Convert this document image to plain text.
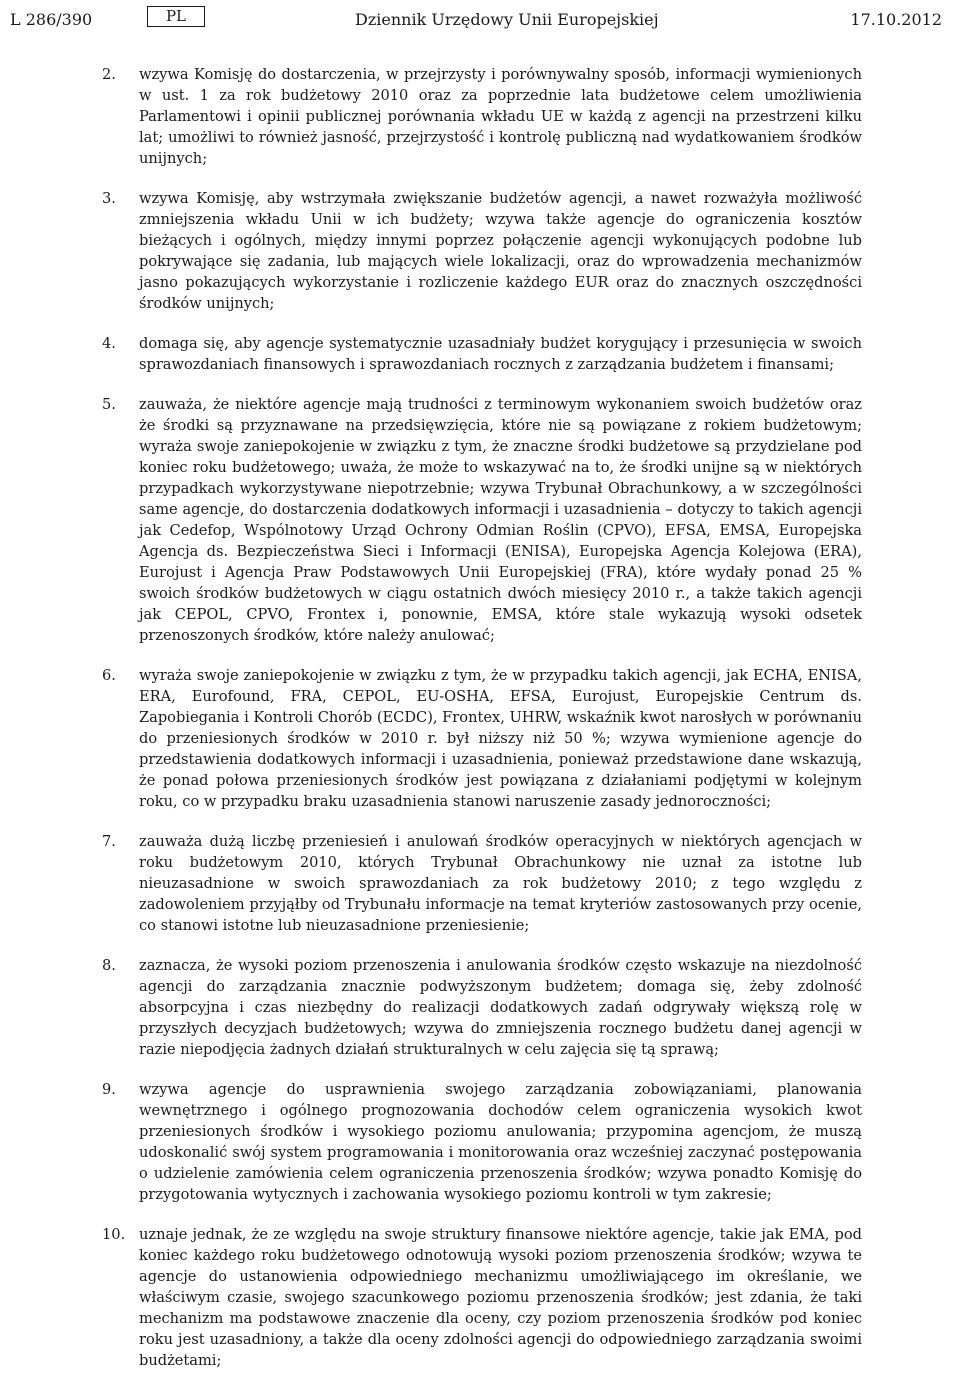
L 286/390	PL	Dziennik Urzędowy Unii Europejskiej	17.10.2012
2.	wzywa Komisję do dostarczenia, w przejrzysty i porównywalny sposób, informacji wymienionych w ust. 1 za rok budżetowy 2010 oraz za poprzednie lata budżetowe celem umożliwienia Parlamentowi i opinii publicznej porównania wkładu UE w każdą z agencji na przestrzeni kilku lat; umożliwi to również jasność, przejrzystość i kontrolę publiczną nad wydatkowaniem środków unijnych;
3.	wzywa Komisję, aby wstrzymała zwiększanie budżetów agencji, a nawet rozważyła możliwość zmniejszenia wkładu Unii w ich budżety; wzywa także agencje do ograniczenia kosztów bieżących i ogólnych, między innymi poprzez połączenie agencji wykonujących podobne lub pokrywające się zadania, lub mających wiele lokalizacji, oraz do wprowadzenia mechanizmów jasno pokazujących wykorzystanie i rozliczenie każdego EUR oraz do znacznych oszczędności środków unijnych;
4.	domaga się, aby agencje systematycznie uzasadniały budżet korygujący i przesunięcia w swoich sprawozdaniach finansowych i sprawozdaniach rocznych z zarządzania budżetem i finansami;
5.	zauważa, że niektóre agencje mają trudności z terminowym wykonaniem swoich budżetów oraz że środki są przyznawane na przedsięwzięcia, które nie są powiązane z rokiem budżetowym; wyraża swoje zaniepokojenie w związku z tym, że znaczne środki budżetowe są przydzielane pod koniec roku budżetowego; uważa, że może to wskazywać na to, że środki unijne są w niektórych przypadkach wykorzystywane niepotrzebnie; wzywa Trybunał Obrachunkowy, a w szczególności same agencje, do dostarczenia dodatkowych informacji i uzasadnienia – dotyczy to takich agencji jak Cedefop, Wspólnotowy Urząd Ochrony Odmian Roślin (CPVO), EFSA, EMSA, Europejska Agencja ds. Bezpieczeństwa Sieci i Informacji (ENISA), Europejska Agencja Kolejowa (ERA), Eurojust i Agencja Praw Podstawowych Unii Europejskiej (FRA), które wydały ponad 25 % swoich środków budżetowych w ciągu ostatnich dwóch miesięcy 2010 r., a także takich agencji jak CEPOL, CPVO, Frontex i, ponownie, EMSA, które stale wykazują wysoki odsetek przenoszonych środków, które należy anulować;
6.	wyraża swoje zaniepokojenie w związku z tym, że w przypadku takich agencji, jak ECHA, ENISA, ERA, Eurofound, FRA, CEPOL, EU-OSHA, EFSA, Eurojust, Europejskie Centrum ds. Zapobiegania i Kontroli Chorób (ECDC), Frontex, UHRW, wskaźnik kwot narosłych w porównaniu do przeniesionych środków w 2010 r. był niższy niż 50 %; wzywa wymienione agencje do przedstawienia dodatkowych informacji i uzasadnienia, ponieważ przedstawione dane wskazują, że ponad połowa przeniesionych środków jest powiązana z działaniami podjętymi w kolejnym roku, co w przypadku braku uzasadnienia stanowi naruszenie zasady jednoroczności;
7.	zauważa dużą liczbę przeniesień i anulowań środków operacyjnych w niektórych agencjach w roku budżetowym 2010, których Trybunał Obrachunkowy nie uznał za istotne lub nieuzasadnione w swoich sprawozdaniach za rok budżetowy 2010; z tego względu z zadowoleniem przyjąłby od Trybunału informacje na temat kryteriów zastosowanych przy ocenie, co stanowi istotne lub nieuzasadnione przeniesienie;
8.	zaznacza, że wysoki poziom przenoszenia i anulowania środków często wskazuje na niezdolność agencji do zarządzania znacznie podwyższonym budżetem; domaga się, żeby zdolność absorpcyjna i czas niezbędny do realizacji dodatkowych zadań odgrywały większą rolę w przyszłych decyzjach budżetowych; wzywa do zmniejszenia rocznego budżetu danej agencji w razie niepodjęcia żadnych działań strukturalnych w celu zajęcia się tą sprawą;
9.	wzywa agencje do usprawnienia swojego zarządzania zobowiązaniami, planowania wewnętrznego i ogólnego prognozowania dochodów celem ograniczenia wysokich kwot przeniesionych środków i wysokiego poziomu anulowania; przypomina agencjom, że muszą udoskonalić swój system programowania i monitorowania oraz wcześniej zaczynać postępowania o udzielenie zamówienia celem ograniczenia przenoszenia środków; wzywa ponadto Komisję do przygotowania wytycznych i zachowania wysokiego poziomu kontroli w tym zakresie;
10. uznaje jednak, że ze względu na swoje struktury finansowe niektóre agencje, takie jak EMA, pod koniec każdego roku budżetowego odnotowują wysoki poziom przenoszenia środków; wzywa te agencje do ustanowienia odpowiedniego mechanizmu umożliwiającego im określanie, we właściwym czasie, swojego szacunkowego poziomu przenoszenia środków; jest zdania, że taki mechanizm ma podstawowe znaczenie dla oceny, czy poziom przenoszenia środków pod koniec roku jest uzasadniony, a także dla oceny zdolności agencji do odpowiedniego zarządzania swoimi budżetami;
